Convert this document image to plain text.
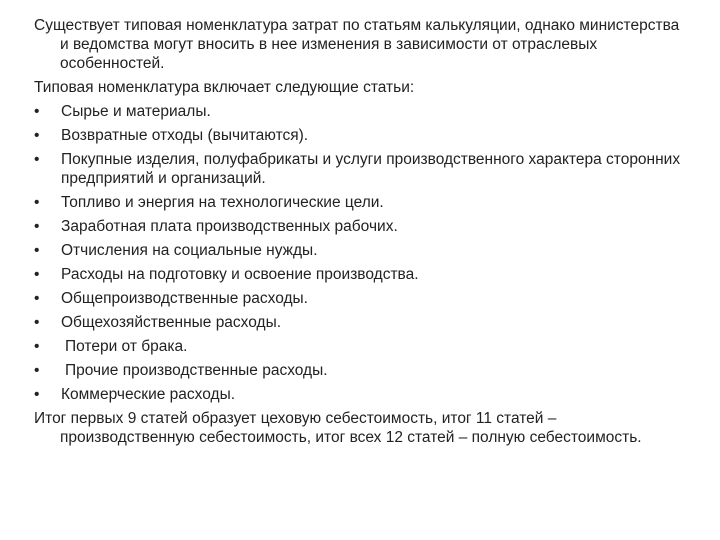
Существует типовая номенклатура затрат по статьям калькуляции, однако министерства и ведомства могут вносить в нее изменения в зависимости от отраслевых особенностей.

Типовая номенклатура включает следующие статьи:

• Сырье и материалы.
• Возвратные отходы (вычитаются).
• Покупные изделия, полуфабрикаты и услуги производственного характера сторонних предприятий и организаций.
• Топливо и энергия на технологические цели.
• Заработная плата производственных рабочих.
• Отчисления на социальные нужды.
• Расходы на подготовку и освоение производства.
• Общепроизводственные расходы.
• Общехозяйственные расходы.
• Потери от брака.
• Прочие производственные расходы.
• Коммерческие расходы.

Итог первых 9 статей образует цеховую себестоимость, итог 11 статей – производственную себестоимость, итог всех 12 статей – полную себестоимость.
